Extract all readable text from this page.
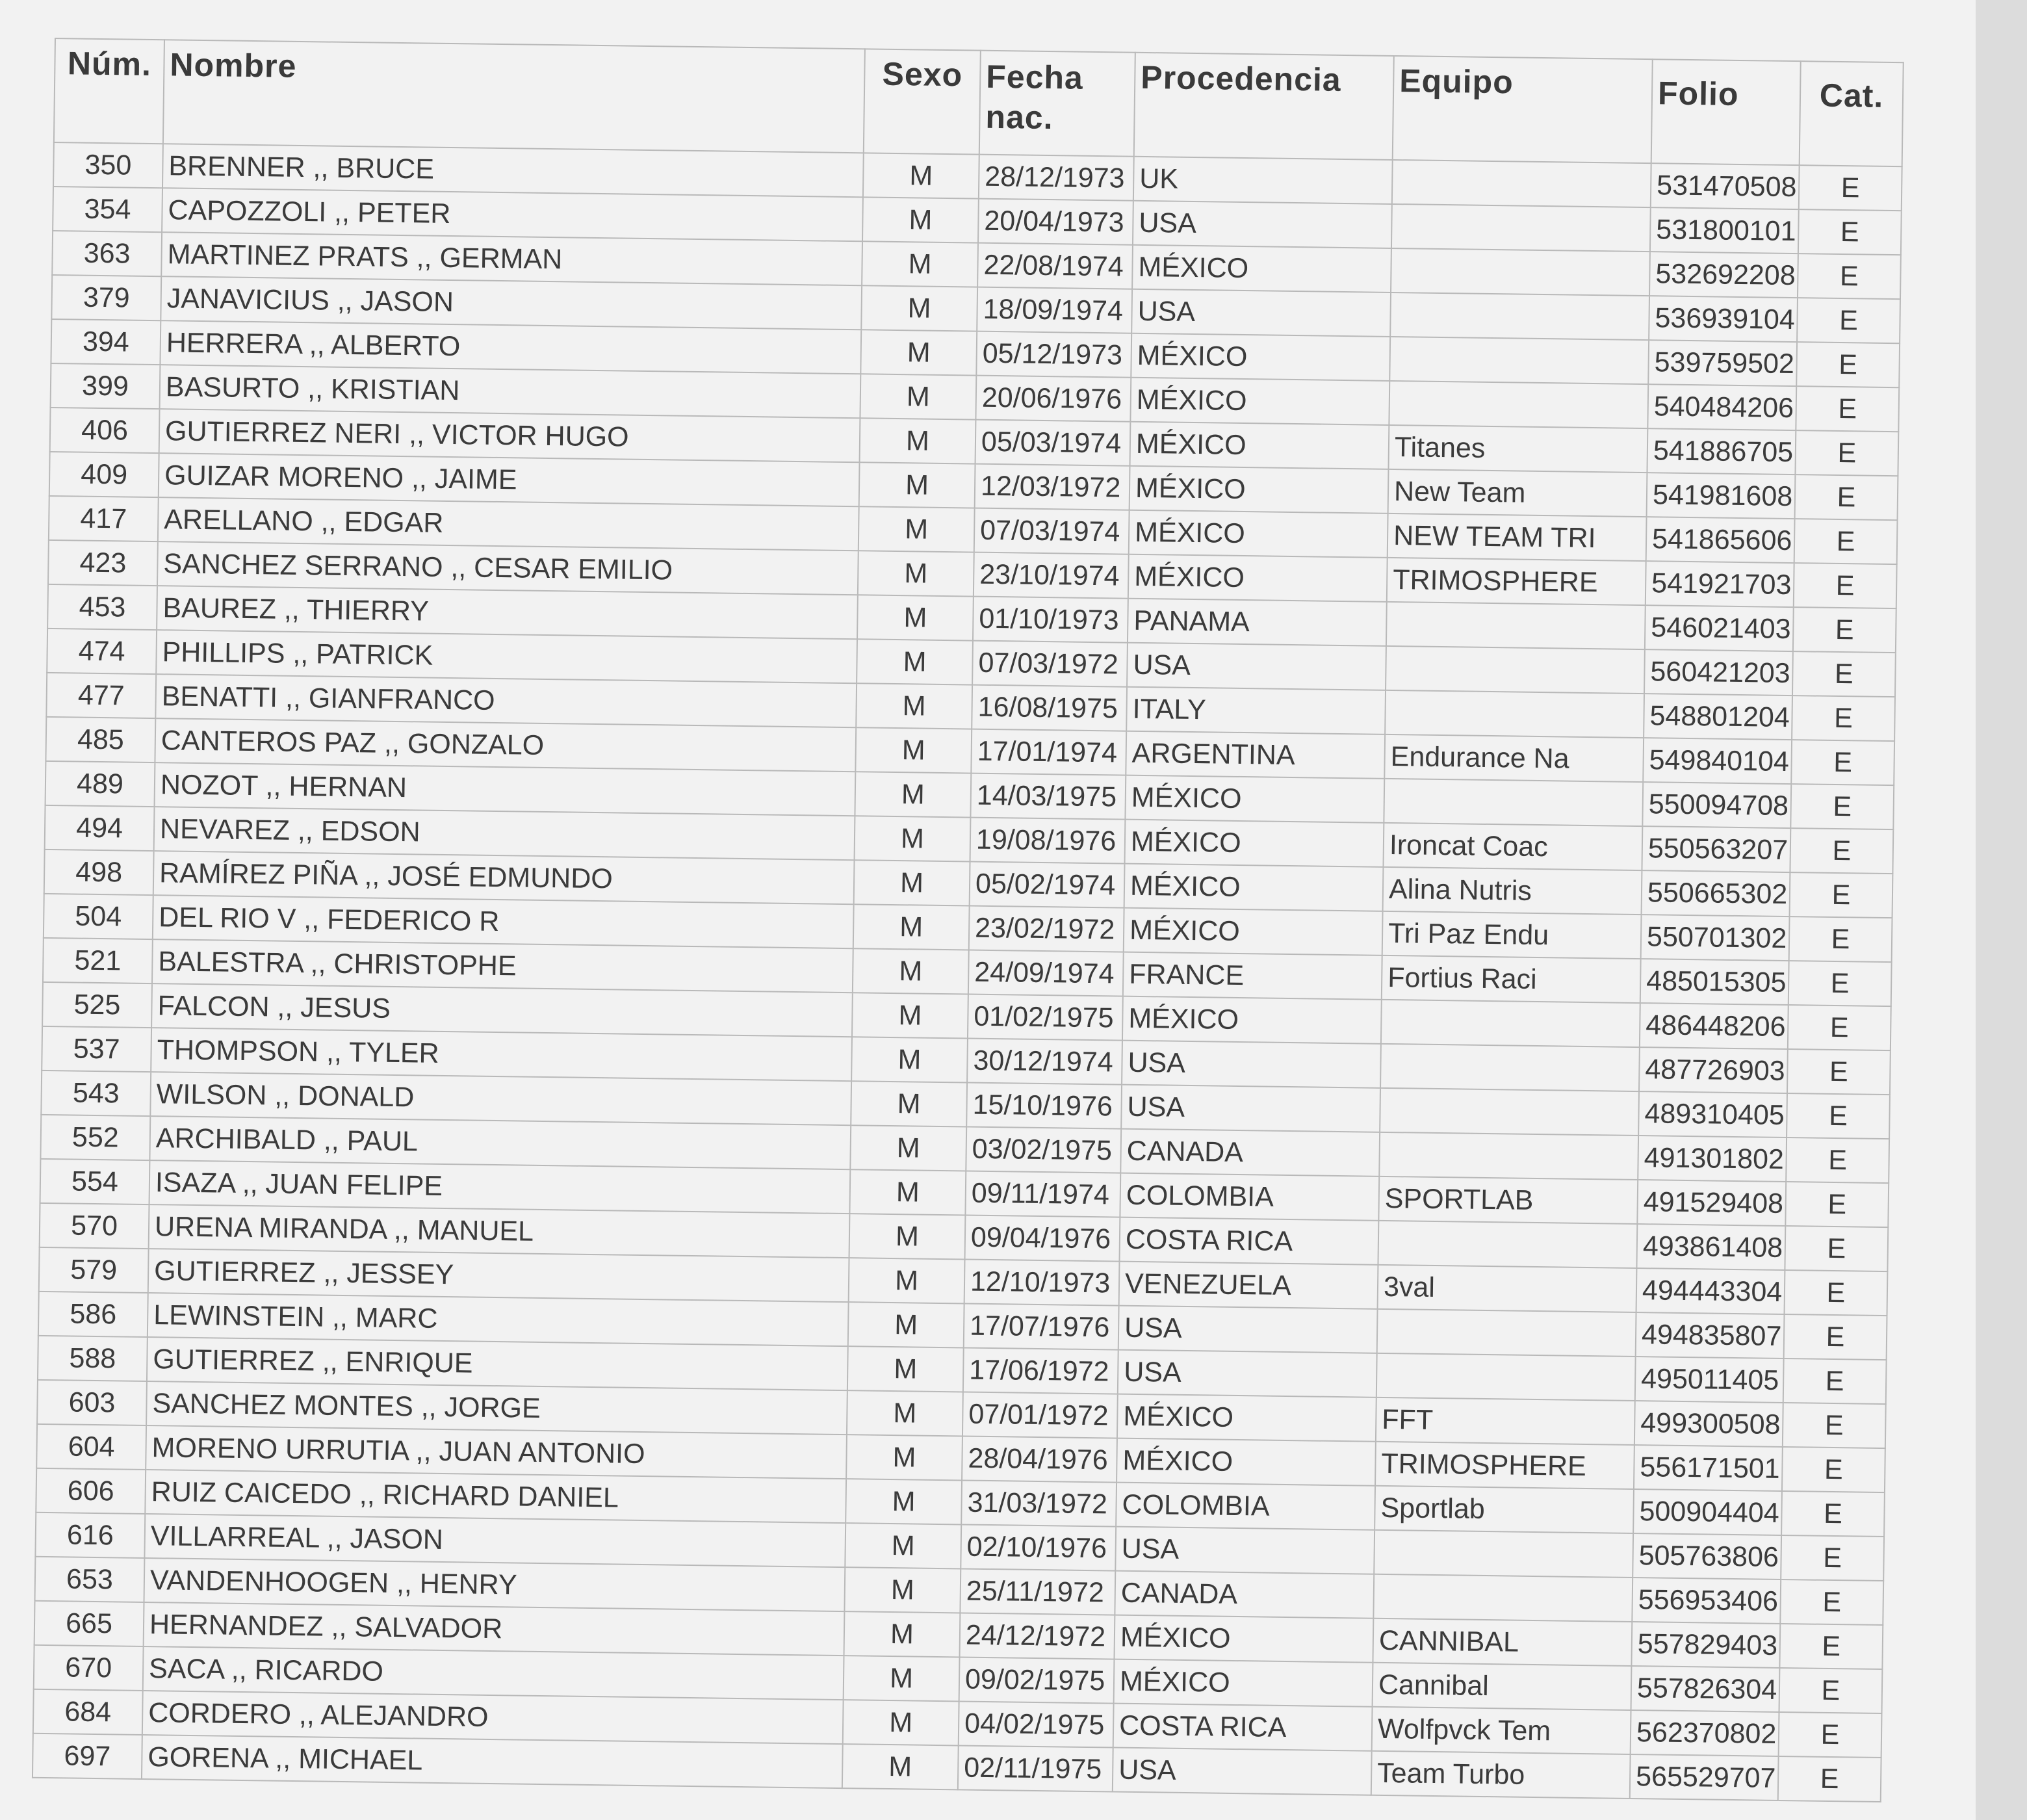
Núm.	Nombre	Sexo	Fecha nac.	Procedencia	Equipo	Folio	Cat.
350	BRENNER ,, BRUCE	M	28/12/1973	UK		531470508	E
354	CAPOZZOLI ,, PETER	M	20/04/1973	USA		531800101	E
363	MARTINEZ PRATS ,, GERMAN	M	22/08/1974	MÉXICO		532692208	E
379	JANAVICIUS ,, JASON	M	18/09/1974	USA		536939104	E
394	HERRERA ,, ALBERTO	M	05/12/1973	MÉXICO		539759502	E
399	BASURTO ,, KRISTIAN	M	20/06/1976	MÉXICO		540484206	E
406	GUTIERREZ NERI ,, VICTOR HUGO	M	05/03/1974	MÉXICO	Titanes	541886705	E
409	GUIZAR MORENO ,, JAIME	M	12/03/1972	MÉXICO	New Team	541981608	E
417	ARELLANO ,, EDGAR	M	07/03/1974	MÉXICO	NEW TEAM TRI	541865606	E
423	SANCHEZ SERRANO ,, CESAR EMILIO	M	23/10/1974	MÉXICO	TRIMOSPHERE	541921703	E
453	BAUREZ ,, THIERRY	M	01/10/1973	PANAMA		546021403	E
474	PHILLIPS ,, PATRICK	M	07/03/1972	USA		560421203	E
477	BENATTI ,, GIANFRANCO	M	16/08/1975	ITALY		548801204	E
485	CANTEROS PAZ ,, GONZALO	M	17/01/1974	ARGENTINA	Endurance Na	549840104	E
489	NOZOT ,, HERNAN	M	14/03/1975	MÉXICO		550094708	E
494	NEVAREZ ,, EDSON	M	19/08/1976	MÉXICO	Ironcat Coac	550563207	E
498	RAMÍREZ PIÑA ,, JOSÉ EDMUNDO	M	05/02/1974	MÉXICO	Alina Nutris	550665302	E
504	DEL RIO V ,, FEDERICO R	M	23/02/1972	MÉXICO	Tri Paz Endu	550701302	E
521	BALESTRA ,, CHRISTOPHE	M	24/09/1974	FRANCE	Fortius Raci	485015305	E
525	FALCON ,, JESUS	M	01/02/1975	MÉXICO		486448206	E
537	THOMPSON ,, TYLER	M	30/12/1974	USA		487726903	E
543	WILSON ,, DONALD	M	15/10/1976	USA		489310405	E
552	ARCHIBALD ,, PAUL	M	03/02/1975	CANADA		491301802	E
554	ISAZA ,, JUAN FELIPE	M	09/11/1974	COLOMBIA	SPORTLAB	491529408	E
570	URENA MIRANDA ,, MANUEL	M	09/04/1976	COSTA RICA		493861408	E
579	GUTIERREZ ,, JESSEY	M	12/10/1973	VENEZUELA	3val	494443304	E
586	LEWINSTEIN ,, MARC	M	17/07/1976	USA		494835807	E
588	GUTIERREZ ,, ENRIQUE	M	17/06/1972	USA		495011405	E
603	SANCHEZ MONTES ,, JORGE	M	07/01/1972	MÉXICO	FFT	499300508	E
604	MORENO URRUTIA ,, JUAN ANTONIO	M	28/04/1976	MÉXICO	TRIMOSPHERE	556171501	E
606	RUIZ CAICEDO ,, RICHARD DANIEL	M	31/03/1972	COLOMBIA	Sportlab	500904404	E
616	VILLARREAL ,, JASON	M	02/10/1976	USA		505763806	E
653	VANDENHOOGEN ,, HENRY	M	25/11/1972	CANADA		556953406	E
665	HERNANDEZ ,, SALVADOR	M	24/12/1972	MÉXICO	CANNIBAL	557829403	E
670	SACA ,, RICARDO	M	09/02/1975	MÉXICO	Cannibal	557826304	E
684	CORDERO ,, ALEJANDRO	M	04/02/1975	COSTA RICA	Wolfpvck Tem	562370802	E
697	GORENA ,, MICHAEL	M	02/11/1975	USA	Team Turbo	565529707	E
